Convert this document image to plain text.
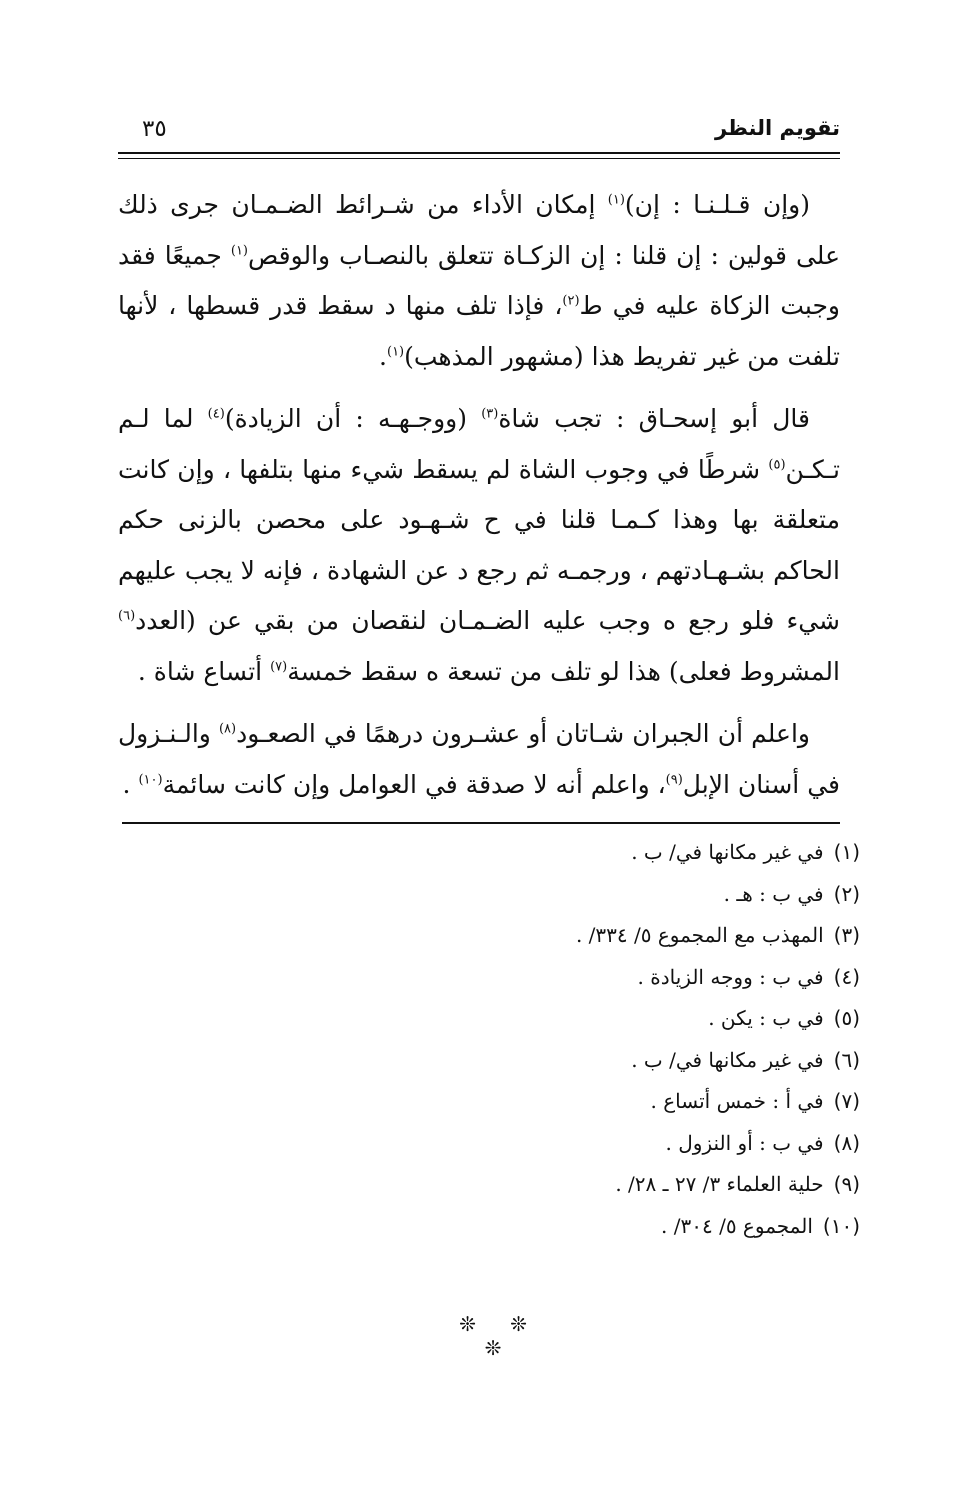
تقويم النظر
٣٥

(وإن قـلـنـا : إن)$^{(١)}$ إمكان الأداء من شـرائط الضـمـان جرى ذلك على قولين : إن قلنا : إن الزكـاة تتعلق بالنصـاب والوقص$^{(١)}$ جميعًا فقد وجبت الزكاة عليه في ط$^{(٢)}$، فإذا تلف منها د سقط قدر قسطها ، لأنها تلفت من غير تفريط هذا (مشهور المذهب)$^{(١)}$.

قال أبو إسحـاق : تجب شاة$^{(٣)}$ (ووجـهـه : أن الزيادة)$^{(٤)}$ لما لـم تـكـن$^{(٥)}$ شرطًا في وجوب الشاة لم يسقط شيء منها بتلفها ، وإن كانت متعلقة بها وهذا كـمـا قلنا في ح شـهـود على محصن بالزنى حكم الحاكم بشـهـادتهم ، ورجمـه ثم رجع د عن الشهادة ، فإنه لا يجب عليهم شيء فلو رجع ه وجب عليه الضـمـان لنقصان من بقي عن (العدد$^{(٦)}$ المشروط فعلى) هذا لو تلف من تسعة ه سقط خمسة$^{(٧)}$ أتساع شاة .

واعلم أن الجبران شـاتان أو عشـرون درهمًا في الصعـود$^{(٨)}$ والـنـزول في أسنان الإبل$^{(٩)}$، واعلم أنه لا صدقة في العوامل وإن كانت سائمة$^{(١٠)}$ .

(١)في غير مكانها في/ ب .
(٢)في ب : هـ .
(٣)المهذب مع المجموع ٥/ ٣٣٤/ .
(٤)في ب : ووجه الزيادة .
(٥)في ب : يكن .
(٦)في غير مكانها في/ ب .
(٧)في أ : خمس أتساع .
(٨)في ب : أو النزول .
(٩)حلية العلماء ٣/ ٢٧ ـ ٢٨/ .
(١٠)المجموع ٥/ ٣٠٤/ .
❊ ❊ ❊
